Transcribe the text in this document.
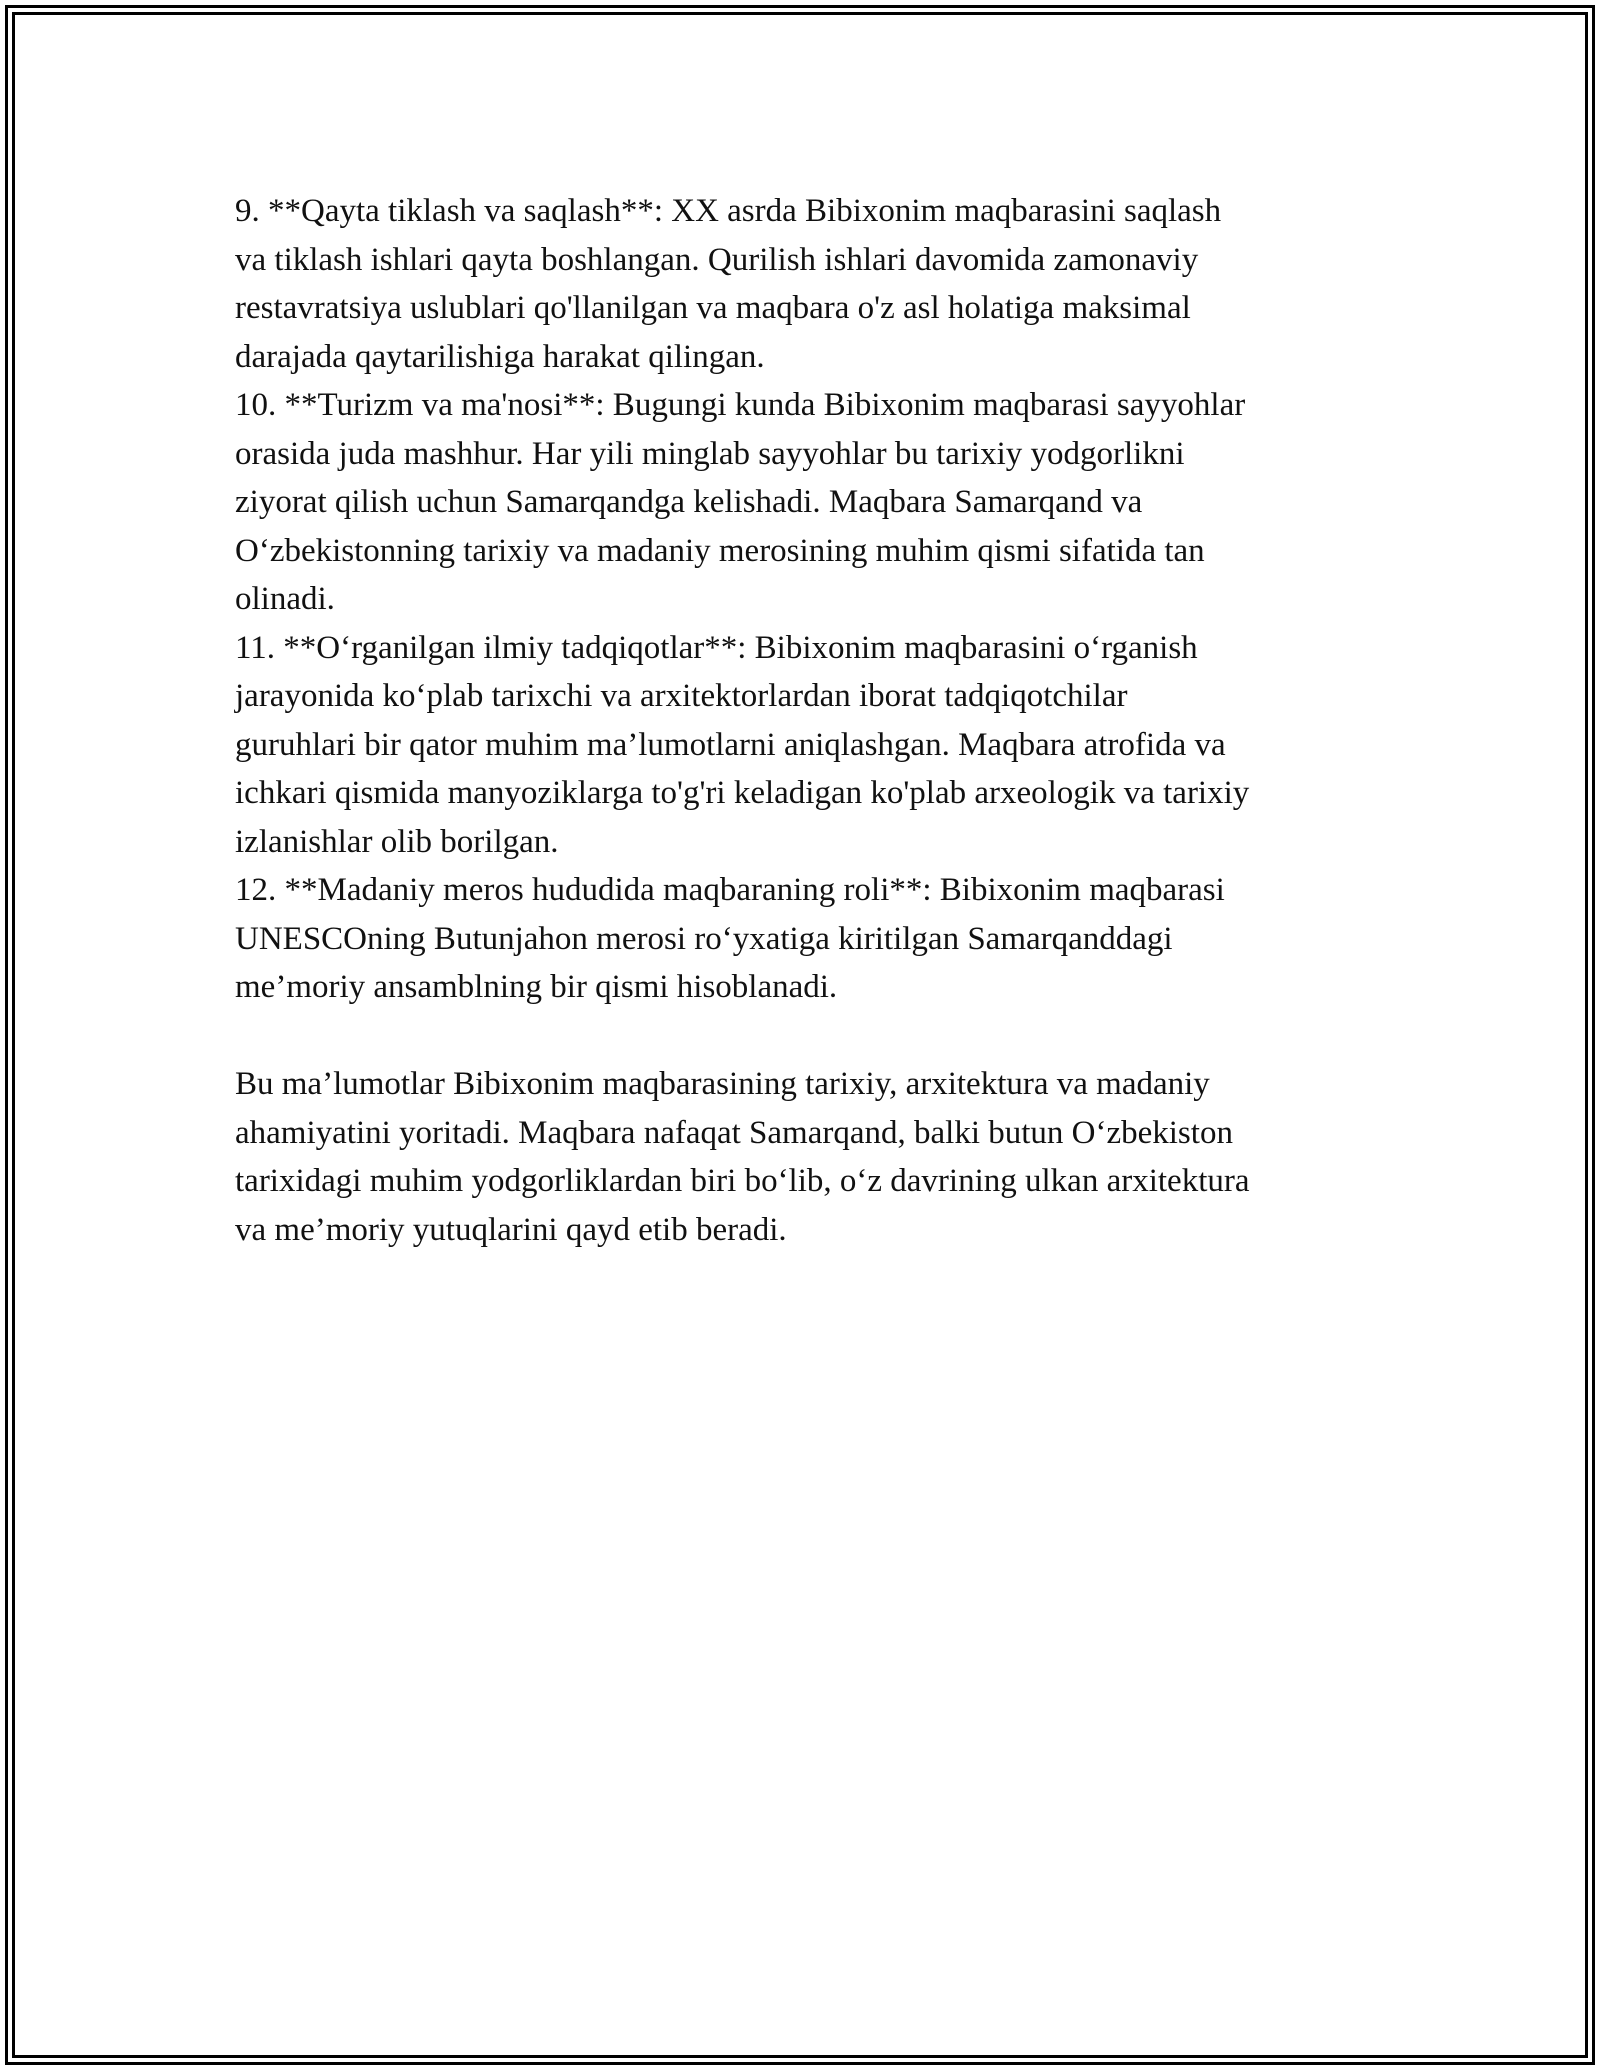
9. **Qayta tiklash va saqlash**: XX asrda Bibixonim maqbarasini saqlash
va tiklash ishlari qayta boshlangan. Qurilish ishlari davomida zamonaviy
restavratsiya uslublari qo'llanilgan va maqbara o'z asl holatiga maksimal
darajada qaytarilishiga harakat qilingan.
10. **Turizm va ma'nosi**: Bugungi kunda Bibixonim maqbarasi sayyohlar
orasida juda mashhur. Har yili minglab sayyohlar bu tarixiy yodgorlikni
ziyorat qilish uchun Samarqandga kelishadi. Maqbara Samarqand va
O‘zbekistonning tarixiy va madaniy merosining muhim qismi sifatida tan
olinadi.
11. **O‘rganilgan ilmiy tadqiqotlar**: Bibixonim maqbarasini o‘rganish
jarayonida ko‘plab tarixchi va arxitektorlardan iborat tadqiqotchilar
guruhlari bir qator muhim ma’lumotlarni aniqlashgan. Maqbara atrofida va
ichkari qismida manyoziklarga to'g'ri keladigan ko'plab arxeologik va tarixiy
izlanishlar olib borilgan.
12. **Madaniy meros hududida maqbaraning roli**: Bibixonim maqbarasi
UNESCOning Butunjahon merosi ro‘yxatiga kiritilgan Samarqanddagi
me’moriy ansamblning bir qismi hisoblanadi.
Bu ma’lumotlar Bibixonim maqbarasining tarixiy, arxitektura va madaniy
ahamiyatini yoritadi. Maqbara nafaqat Samarqand, balki butun O‘zbekiston
tarixidagi muhim yodgorliklardan biri bo‘lib, o‘z davrining ulkan arxitektura
va me’moriy yutuqlarini qayd etib beradi.
